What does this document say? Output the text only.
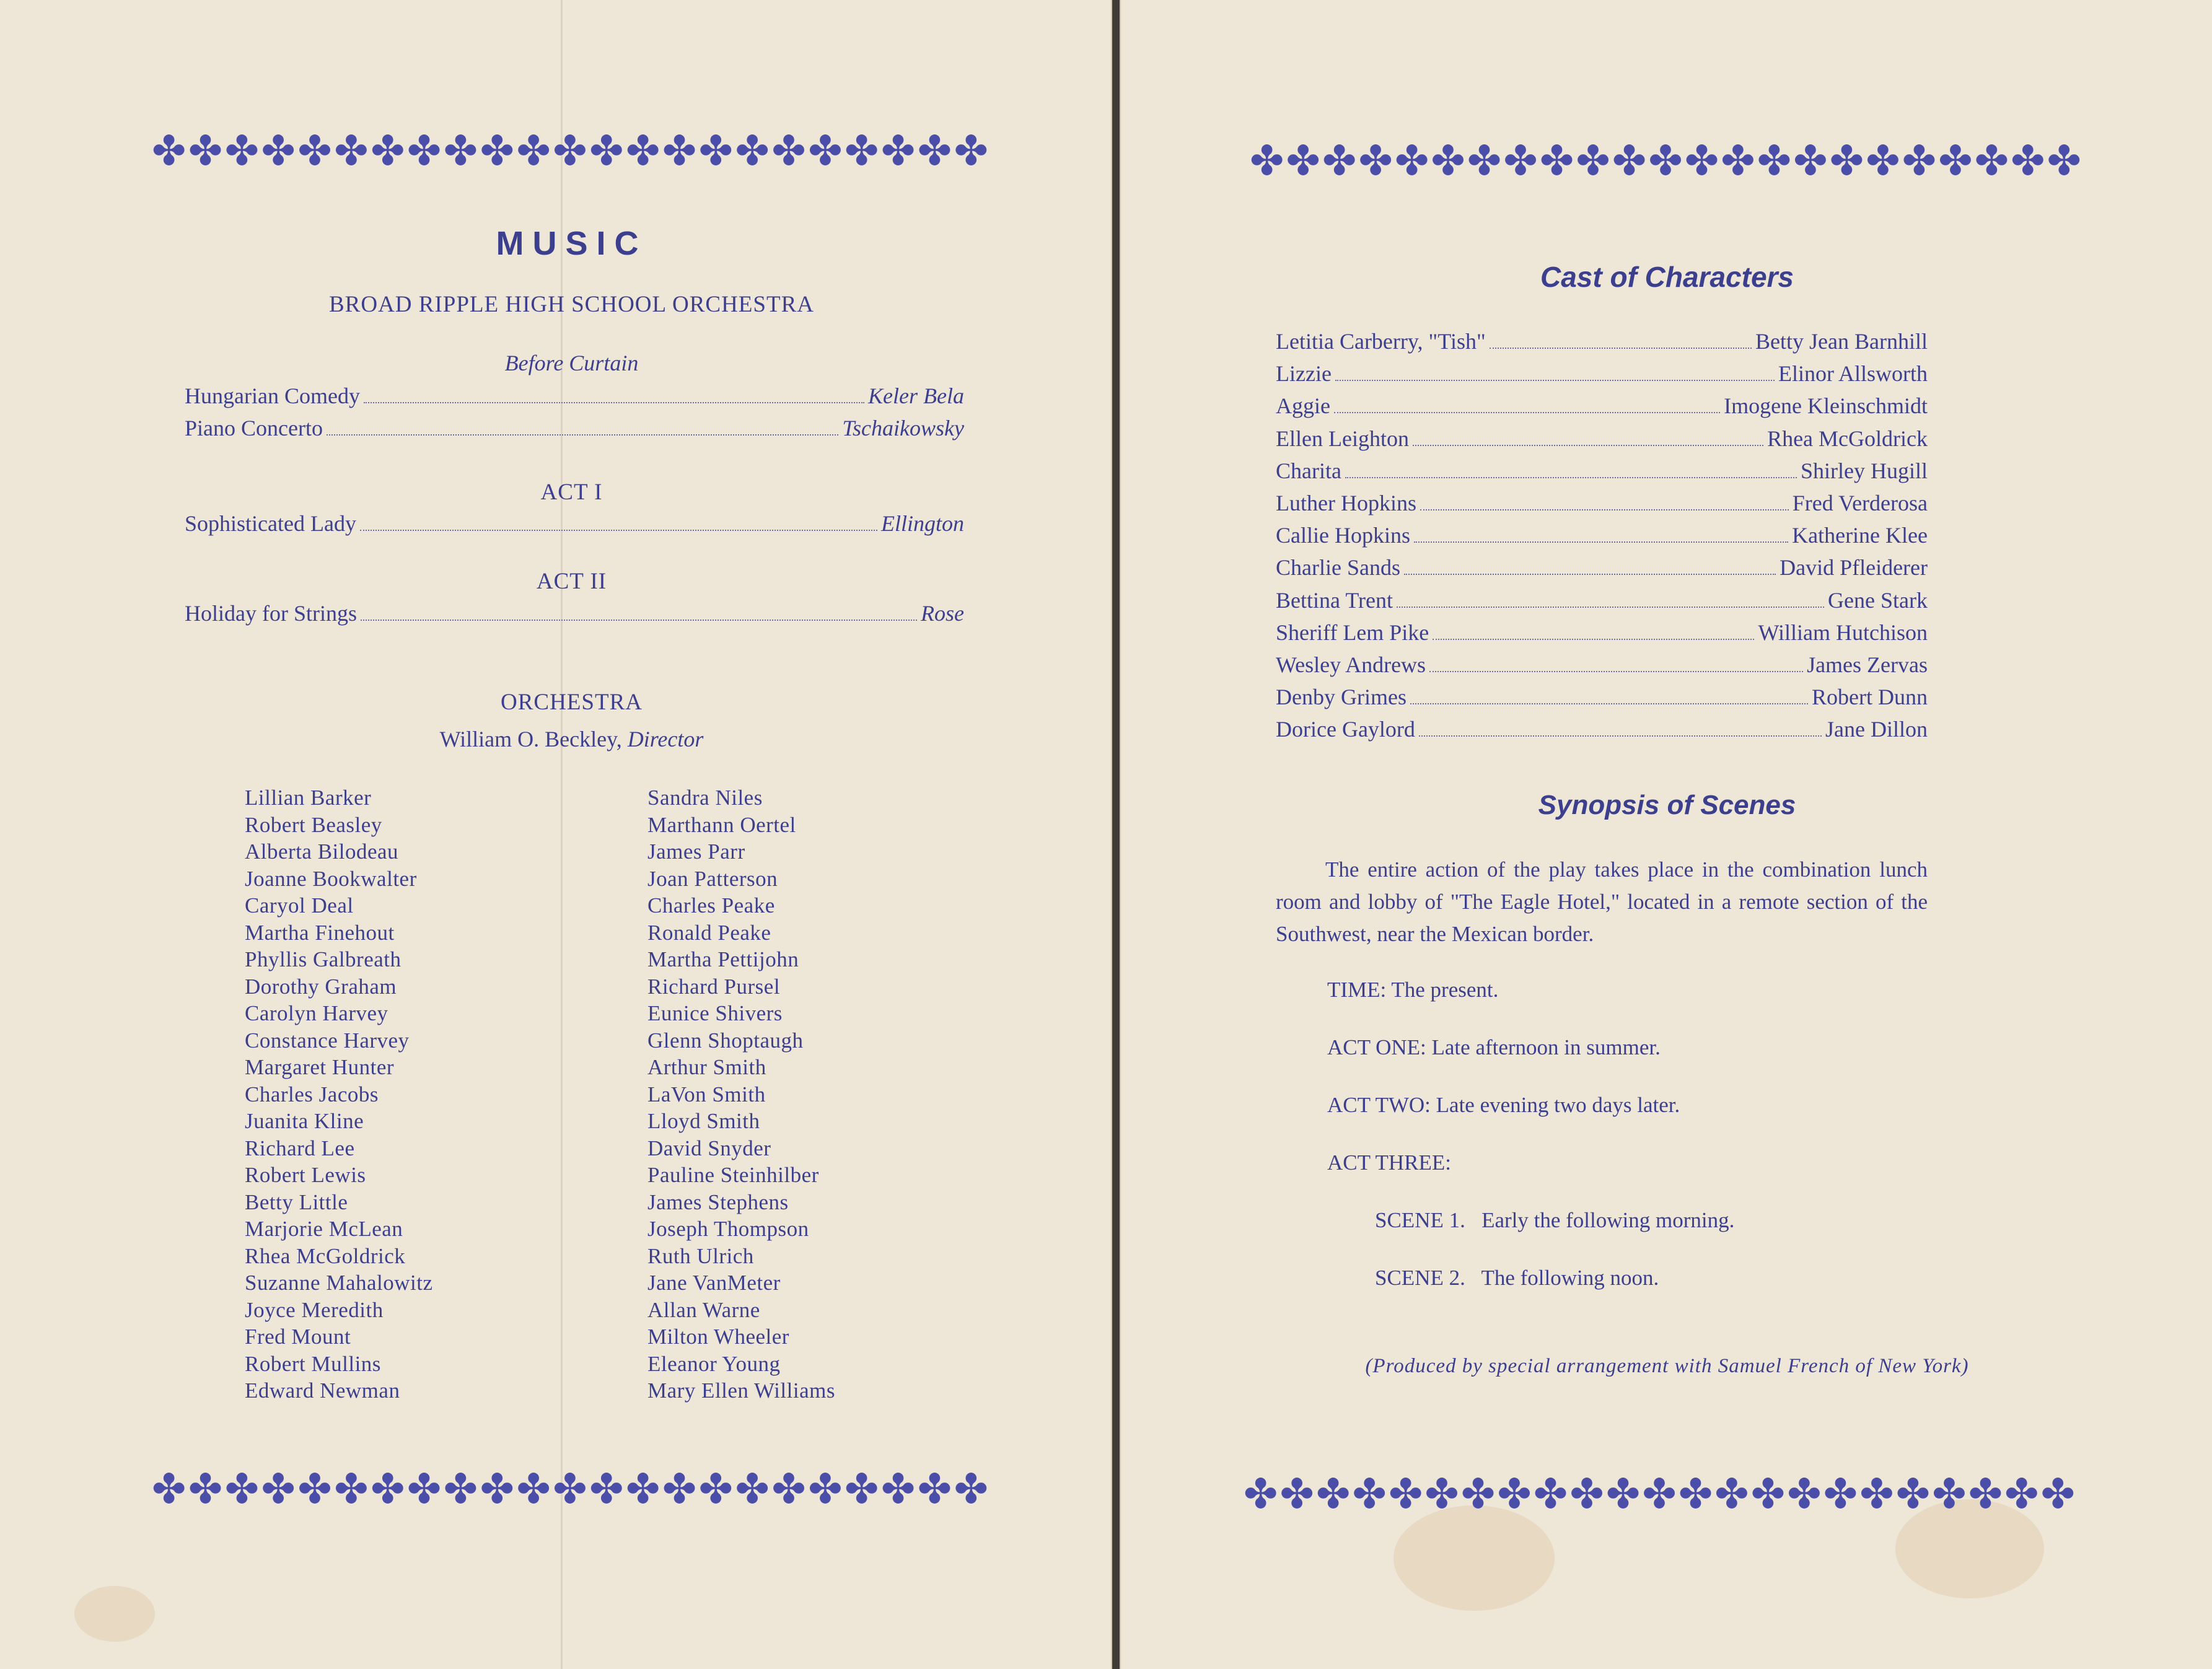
✤ ✤ ✤ ✤ ✤ ✤ ✤ ✤ ✤ ✤ ✤ ✤ ✤ ✤ ✤ ✤ ✤ ✤ ✤ ✤ ✤ ✤ ✤
MUSIC
BROAD RIPPLE HIGH SCHOOL ORCHESTRA
Before Curtain
Hungarian Comedy	Keler Bela
Piano Concerto	Tschaikowsky
ACT I
Sophisticated Lady	Ellington
ACT II
Holiday for Strings	Rose
ORCHESTRA
William O. Beckley, Director
Lillian Barker
Robert Beasley
Alberta Bilodeau
Joanne Bookwalter
Caryol Deal
Martha Finehout
Phyllis Galbreath
Dorothy Graham
Carolyn Harvey
Constance Harvey
Margaret Hunter
Charles Jacobs
Juanita Kline
Richard Lee
Robert Lewis
Betty Little
Marjorie McLean
Rhea McGoldrick
Suzanne Mahalowitz
Joyce Meredith
Fred Mount
Robert Mullins
Edward Newman
Sandra Niles
Marthann Oertel
James Parr
Joan Patterson
Charles Peake
Ronald Peake
Martha Pettijohn
Richard Pursel
Eunice Shivers
Glenn Shoptaugh
Arthur Smith
LaVon Smith
Lloyd Smith
David Snyder
Pauline Steinhilber
James Stephens
Joseph Thompson
Ruth Ulrich
Jane VanMeter
Allan Warne
Milton Wheeler
Eleanor Young
Mary Ellen Williams
✤ ✤ ✤ ✤ ✤ ✤ ✤ ✤ ✤ ✤ ✤ ✤ ✤ ✤ ✤ ✤ ✤ ✤ ✤ ✤ ✤ ✤ ✤
✤ ✤ ✤ ✤ ✤ ✤ ✤ ✤ ✤ ✤ ✤ ✤ ✤ ✤ ✤ ✤ ✤ ✤ ✤ ✤ ✤ ✤ ✤
Cast of Characters
Letitia Carberry, "Tish"	Betty Jean Barnhill
Lizzie	Elinor Allsworth
Aggie	Imogene Kleinschmidt
Ellen Leighton	Rhea McGoldrick
Charita	Shirley Hugill
Luther Hopkins	Fred Verderosa
Callie Hopkins	Katherine Klee
Charlie Sands	David Pfleiderer
Bettina Trent	Gene Stark
Sheriff Lem Pike	William Hutchison
Wesley Andrews	James Zervas
Denby Grimes	Robert Dunn
Dorice Gaylord	Jane Dillon
Synopsis of Scenes
The entire action of the play takes place in the combination lunch room and lobby of "The Eagle Hotel," located in a remote section of the Southwest, near the Mexican border.
TIME: The present.
ACT ONE: Late afternoon in summer.
ACT TWO: Late evening two days later.
ACT THREE:
SCENE 1.   Early the following morning.
SCENE 2.   The following noon.
(Produced by special arrangement with Samuel French of New York)
✤ ✤ ✤ ✤ ✤ ✤ ✤ ✤ ✤ ✤ ✤ ✤ ✤ ✤ ✤ ✤ ✤ ✤ ✤ ✤ ✤ ✤ ✤
